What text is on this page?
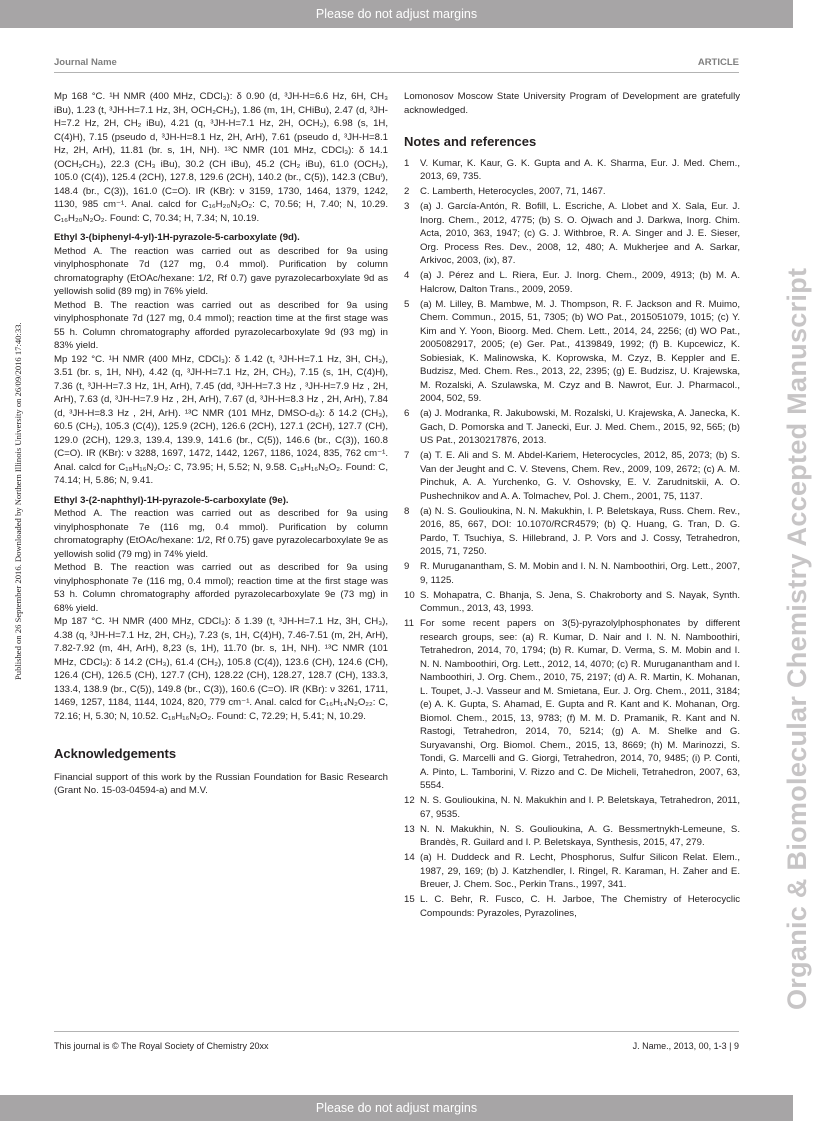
Please do not adjust margins
Journal Name	ARTICLE
Published on 26 September 2016. Downloaded by Northern Illinois University on 26/09/2016 17:40:33.	Organic & Biomolecular Chemistry Accepted Manuscript

Mp 168 °C. ¹H NMR (400 MHz, CDCl₃): δ 0.90 (d, ³JH-H=6.6 Hz, 6H, CH₃ iBu), 1.23 (t, ³JH-H=7.1 Hz, 3H, OCH₂CH₃), 1.86 (m, 1H, CHiBu), 2.47 (d, ³JH-H=7.2 Hz, 2H, CH₂ iBu), 4.21 (q, ³JH-H=7.1 Hz, 2H, OCH₂), 6.98 (s, 1H, C(4)H), 7.15 (pseudo d, ³JH-H=8.1 Hz, 2H, ArH), 7.61 (pseudo d, ³JH-H=8.1 Hz, 2H, ArH), 11.81 (br. s, 1H, NH). ¹³C NMR (101 MHz, CDCl₃): δ 14.1 (OCH₂CH₃), 22.3 (CH₃ iBu), 30.2 (CH iBu), 45.2 (CH₂ iBu), 61.0 (OCH₂), 105.0 (C(4)), 125.4 (2CH), 127.8, 129.6 (2CH), 140.2 (br., C(5)), 142.3 (CBuⁱ), 148.4 (br., C(3)), 161.0 (C=O). IR (KBr): ν 3159, 1730, 1464, 1379, 1242, 1130, 985 cm⁻¹. Anal. calcd for C₁₆H₂₀N₂O₂: C, 70.56; H, 7.40; N, 10.29. C₁₆H₂₀N₂O₂. Found: C, 70.34; H, 7.34; N, 10.19.

Ethyl 3-(biphenyl-4-yl)-1H-pyrazole-5-carboxylate (9d).

Method A. The reaction was carried out as described for 9a using vinylphosphonate 7d (127 mg, 0.4 mmol). Purification by column chromatography (EtOAc/hexane: 1/2, Rf 0.7) gave pyrazolecarboxylate 9d as yellowish solid (89 mg) in 76% yield.

Method B. The reaction was carried out as described for 9a using vinylphosphonate 7d (127 mg, 0.4 mmol); reaction time at the first stage was 55 h. Column chromatography afforded pyrazolecarboxylate 9d (93 mg) in 83% yield.

Mp 192 °C. ¹H NMR (400 MHz, CDCl₃): δ 1.42 (t, ³JH-H=7.1 Hz, 3H, CH₃), 3.51 (br. s, 1H, NH), 4.42 (q, ³JH-H=7.1 Hz, 2H, CH₂), 7.15 (s, 1H, C(4)H), 7.36 (t, ³JH-H=7.3 Hz, 1H, ArH), 7.45 (dd, ³JH-H=7.3 Hz , ³JH-H=7.9 Hz , 2H, ArH), 7.63 (d, ³JH-H=7.9 Hz , 2H, ArH), 7.67 (d, ³JH-H=8.3 Hz , 2H, ArH), 7.84 (d, ³JH-H=8.3 Hz , 2H, ArH). ¹³C NMR (101 MHz, DMSO-d₆): δ 14.2 (CH₃), 60.5 (CH₂), 105.3 (C(4)), 125.9 (2CH), 126.6 (2CH), 127.1 (2CH), 127.7 (CH), 129.0 (2CH), 129.3, 139.4, 139.9, 141.6 (br., C(5)), 146.6 (br., C(3)), 160.8 (C=O). IR (KBr): ν 3288, 1697, 1472, 1442, 1267, 1186, 1024, 835, 762 cm⁻¹. Anal. calcd for C₁₈H₁₆N₂O₂: C, 73.95; H, 5.52; N, 9.58. C₁₈H₁₆N₂O₂. Found: C, 74.14; H, 5.86; N, 9.41.

Ethyl 3-(2-naphthyl)-1H-pyrazole-5-carboxylate (9e).

Method A. The reaction was carried out as described for 9a using vinylphosphonate 7e (116 mg, 0.4 mmol). Purification by column chromatography (EtOAc/hexane: 1/2, Rf 0.75) gave pyrazolecarboxylate 9e as yellowish solid (79 mg) in 74% yield.

Method B. The reaction was carried out as described for 9a using vinylphosphonate 7e (116 mg, 0.4 mmol); reaction time at the first stage was 53 h. Column chromatography afforded pyrazolecarboxylate 9e (73 mg) in 68% yield.

Mp 187 °C. ¹H NMR (400 MHz, CDCl₃): δ 1.39 (t, ³JH-H=7.1 Hz, 3H, CH₃), 4.38 (q, ³JH-H=7.1 Hz, 2H, CH₂), 7.23 (s, 1H, C(4)H), 7.46-7.51 (m, 2H, ArH), 7.82-7.92 (m, 4H, ArH), 8,23 (s, 1H), 11.70 (br. s, 1H, NH). ¹³C NMR (101 MHz, CDCl₃): δ 14.2 (CH₃), 61.4 (CH₂), 105.8 (C(4)), 123.6 (CH), 124.6 (CH), 126.4 (CH), 126.5 (CH), 127.7 (CH), 128.22 (CH), 128.27, 128.7 (CH), 133.3, 133.4, 138.9 (br., C(5)), 149.8 (br., C(3)), 160.6 (C=O). IR (KBr): ν 3261, 1711, 1469, 1257, 1184, 1144, 1024, 820, 779 cm⁻¹. Anal. calcd for C₁₆H₁₄N₂O₂₂: C, 72.16; H, 5.30; N, 10.52. C₁₈H₁₆N₂O₂. Found: C, 72.29; H, 5.41; N, 10.29.

Acknowledgements

Financial support of this work by the Russian Foundation for Basic Research (Grant No. 15-03-04594-a) and M.V.

Lomonosov Moscow State University Program of Development are gratefully acknowledged.

Notes and references

1	V. Kumar, K. Kaur, G. K. Gupta and A. K. Sharma, Eur. J. Med. Chem., 2013, 69, 735.
2	C. Lamberth, Heterocycles, 2007, 71, 1467.
3	(a) J. García-Antón, R. Bofill, L. Escriche, A. Llobet and X. Sala, Eur. J. Inorg. Chem., 2012, 4775; (b) S. O. Ojwach and J. Darkwa, Inorg. Chim. Acta, 2010, 363, 1947; (c) G. J. Withbroe, R. A. Singer and J. E. Sieser, Org. Process Res. Dev., 2008, 12, 480; A. Mukherjee and A. Sarkar, Arkivoc, 2003, (ix), 87.
4	(a) J. Pérez and L. Riera, Eur. J. Inorg. Chem., 2009, 4913; (b) M. A. Halcrow, Dalton Trans., 2009, 2059.
5	(a) M. Lilley, B. Mambwe, M. J. Thompson, R. F. Jackson and R. Muimo, Chem. Commun., 2015, 51, 7305; (b) WO Pat., 2015051079, 1015; (c) Y. Kim and Y. Yoon, Bioorg. Med. Chem. Lett., 2014, 24, 2256; (d) WO Pat., 2005082917, 2005; (e) Ger. Pat., 4139849, 1992; (f) B. Kupcewicz, K. Sobiesiak, K. Malinowska, K. Koprowska, M. Czyz, B. Keppler and E. Budzisz, Med. Chem. Res., 2013, 22, 2395; (g) E. Budzisz, U. Krajewska, M. Rozalski, A. Szulawska, M. Czyz and B. Nawrot, Eur. J. Pharmacol., 2004, 502, 59.
6	(a) J. Modranka, R. Jakubowski, M. Rozalski, U. Krajewska, A. Janecka, K. Gach, D. Pomorska and T. Janecki, Eur. J. Med. Chem., 2015, 92, 565; (b) US Pat., 20130217876, 2013.
7	(a) T. E. Ali and S. M. Abdel-Kariem, Heterocycles, 2012, 85, 2073; (b) S. Van der Jeught and C. V. Stevens, Chem. Rev., 2009, 109, 2672; (c) A. M. Pinchuk, A. A. Yurchenko, G. V. Oshovsky, E. V. Zarudnitskii, A. O. Pushechnikov and A. A. Tolmachev, Pol. J. Chem., 2001, 75, 1137.
8	(a) N. S. Goulioukina, N. N. Makukhin, I. P. Beletskaya, Russ. Chem. Rev., 2016, 85, 667, DOI: 10.1070/RCR4579; (b) Q. Huang, G. Tran, D. G. Pardo, T. Tsuchiya, S. Hillebrand, J. P. Vors and J. Cossy, Tetrahedron, 2015, 71, 7250.
9	R. Muruganantham, S. M. Mobin and I. N. N. Namboothiri, Org. Lett., 2007, 9, 1125.
10 S. Mohapatra, C. Bhanja, S. Jena, S. Chakroborty and S. Nayak, Synth. Commun., 2013, 43, 1993.
11 For some recent papers on 3(5)-pyrazolylphosphonates by different research groups, see: (a) R. Kumar, D. Nair and I. N. N. Namboothiri, Tetrahedron, 2014, 70, 1794; (b) R. Kumar, D. Verma, S. M. Mobin and I. N. N. Namboothiri, Org. Lett., 2012, 14, 4070; (c) R. Muruganantham and I. Namboothiri, J. Org. Chem., 2010, 75, 2197; (d) A. R. Martin, K. Mohanan, L. Toupet, J.-J. Vasseur and M. Smietana, Eur. J. Org. Chem., 2011, 3184; (e) A. K. Gupta, S. Ahamad, E. Gupta and R. Kant and K. Mohanan, Org. Biomol. Chem., 2015, 13, 9783; (f) M. M. D. Pramanik, R. Kant and N. Rastogi, Tetrahedron, 2014, 70, 5214; (g) A. M. Shelke and G. Suryavanshi, Org. Biomol. Chem., 2015, 13, 8669; (h) M. Marinozzi, S. Tondi, G. Marcelli and G. Giorgi, Tetrahedron, 2014, 70, 9485; (i) P. Conti, A. Pinto, L. Tamborini, V. Rizzo and C. De Micheli, Tetrahedron, 2007, 63, 5554.
12 N. S. Goulioukina, N. N. Makukhin and I. P. Beletskaya, Tetrahedron, 2011, 67, 9535.
13 N. N. Makukhin, N. S. Goulioukina, A. G. Bessmertnykh-Lemeune, S. Brandès, R. Guilard and I. P. Beletskaya, Synthesis, 2015, 47, 279.
14 (a) H. Duddeck and R. Lecht, Phosphorus, Sulfur Silicon Relat. Elem., 1987, 29, 169; (b) J. Katzhendler, I. Ringel, R. Karaman, H. Zaher and E. Breuer, J. Chem. Soc., Perkin Trans., 1997, 341.
15 L. C. Behr, R. Fusco, C. H. Jarboe, The Chemistry of Heterocyclic Compounds: Pyrazoles, Pyrazolines,
This journal is © The Royal Society of Chemistry 20xx	J. Name., 2013, 00, 1-3 | 9
Please do not adjust margins
